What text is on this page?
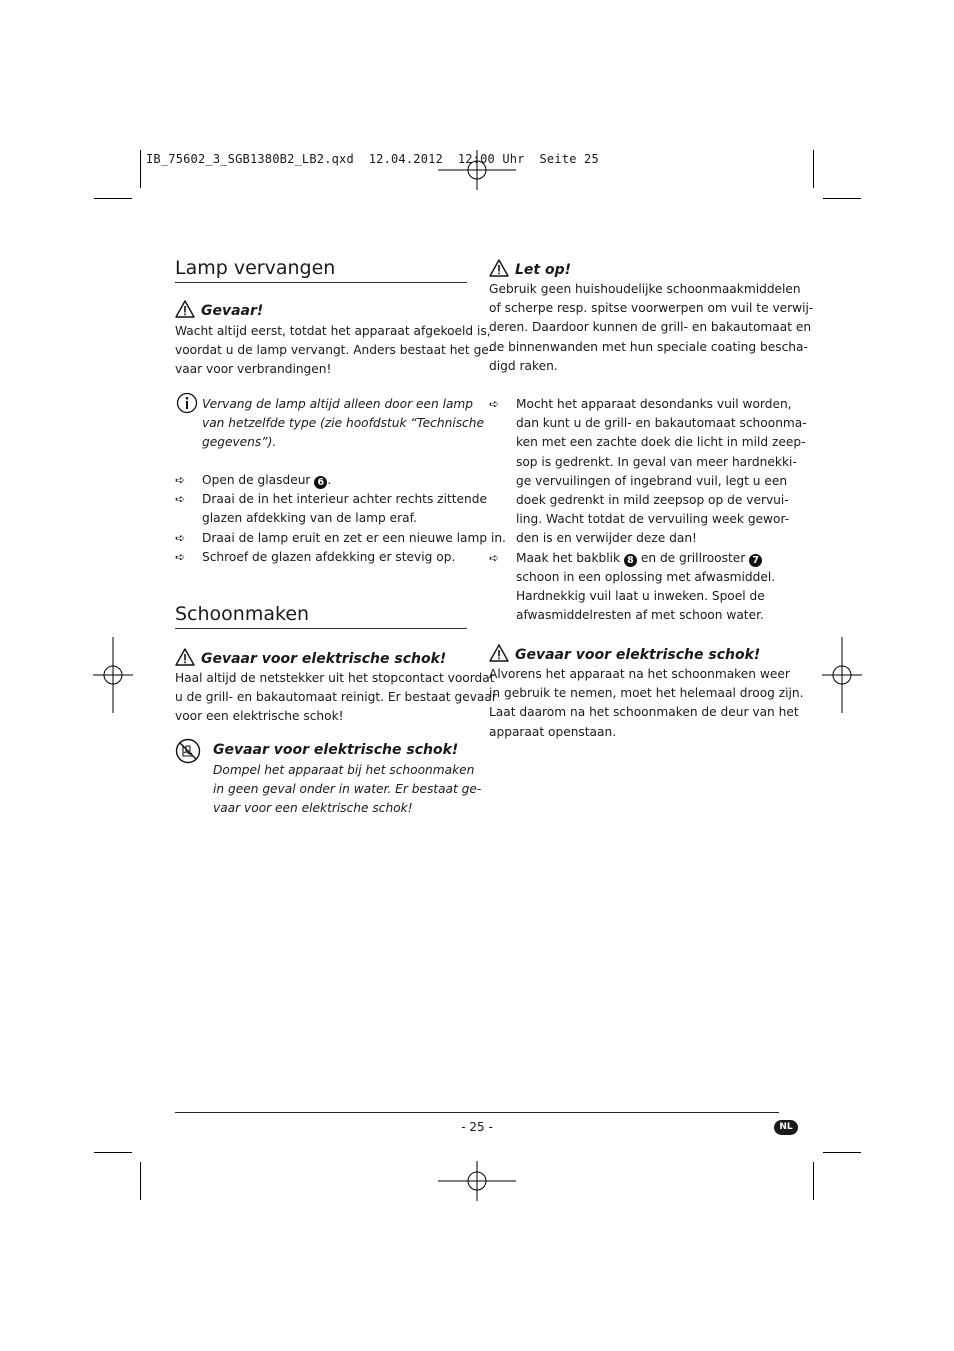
IB_75602_3_SGB1380B2_LB2.qxd  12.04.2012  12:00 Uhr  Seite 25
Lamp vervangen
Gevaar!
Wacht altijd eerst, totdat het apparaat afgekoeld is,
voordat u de lamp vervangt. Anders bestaat het ge-
vaar voor verbrandingen!
Vervang de lamp altijd alleen door een lamp
van hetzelfde type (zie hoofdstuk “Technische
gegevens”).
➪ Open de glasdeur 6 .
➪ Draai de in het interieur achter rechts zittende
glazen afdekking van de lamp eraf.
➪ Draai de lamp eruit en zet er een nieuwe lamp in.
➪ Schroef de glazen afdekking er stevig op.
Schoonmaken
Gevaar voor elektrische schok!
Haal altijd de netstekker uit het stopcontact voordat
u de grill- en bakautomaat reinigt. Er bestaat gevaar
voor een elektrische schok!
Gevaar voor elektrische schok!
Dompel het apparaat bij het schoonmaken
in geen geval onder in water. Er bestaat ge-
vaar voor een elektrische schok!
Let op!
Gebruik geen huishoudelijke schoonmaakmiddelen
of scherpe resp. spitse voorwerpen om vuil te verwij-
deren. Daardoor kunnen de grill- en bakautomaat en
de binnenwanden met hun speciale coating bescha-
digd raken.
➪ Mocht het apparaat desondanks vuil worden,
dan kunt u de grill- en bakautomaat schoonma-
ken met een zachte doek die licht in mild zeep-
sop is gedrenkt. In geval van meer hardnekki-
ge vervuilingen of ingebrand vuil, legt u een
doek gedrenkt in mild zeepsop op de vervui-
ling. Wacht totdat de vervuiling week gewor-
den is en verwijder deze dan!
➪ Maak het bakblik 8 en de grillrooster 7
schoon in een oplossing met afwasmiddel.
Hardnekkig vuil laat u inweken. Spoel de
afwasmiddelresten af met schoon water.
Gevaar voor elektrische schok!
Alvorens het apparaat na het schoonmaken weer
in gebruik te nemen, moet het helemaal droog zijn.
Laat daarom na het schoonmaken de deur van het
apparaat openstaan.
- 25 -	NL
